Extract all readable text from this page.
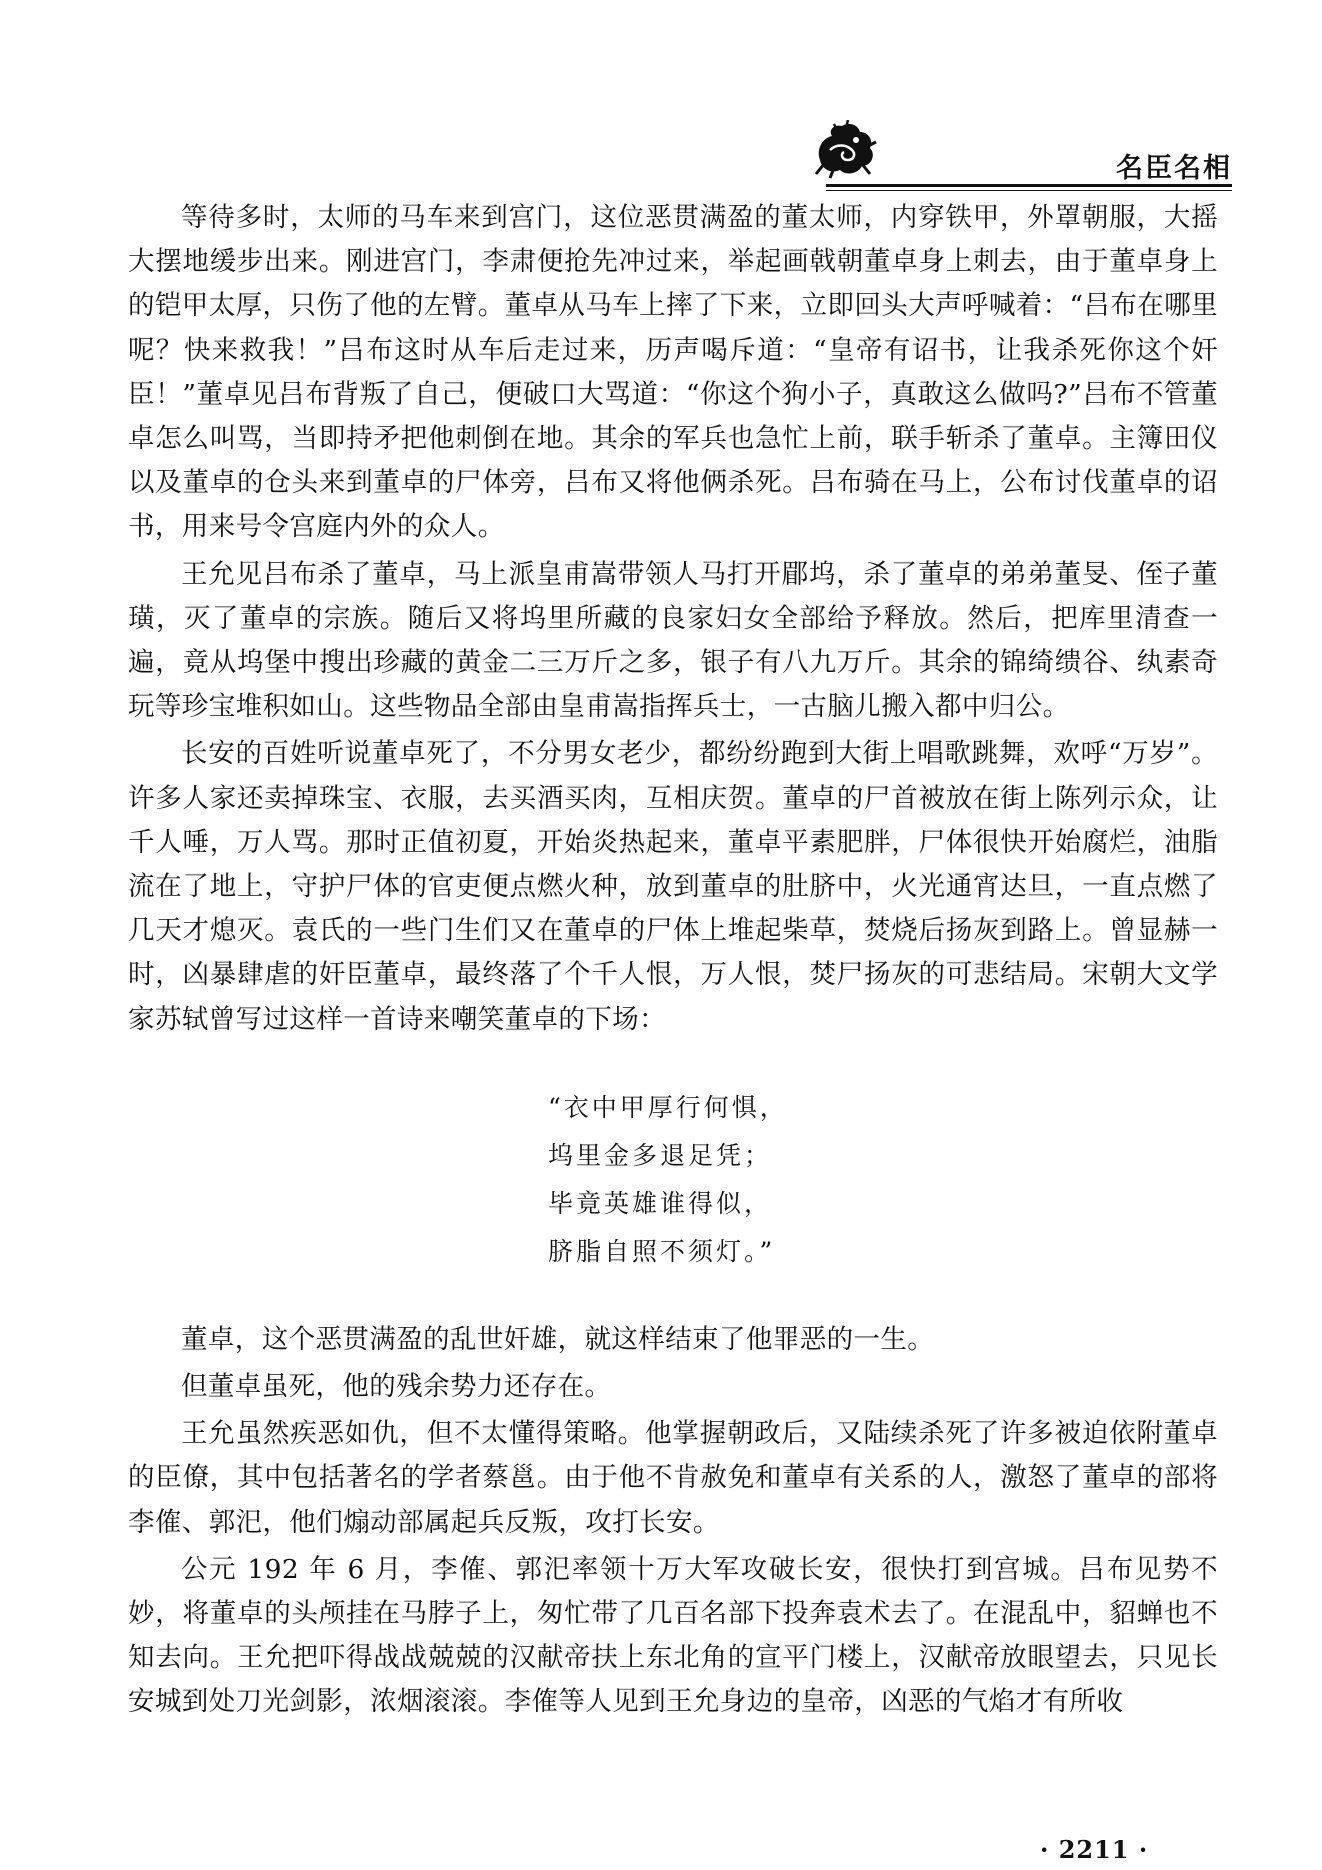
名臣名相

等待多时，太师的马车来到宫门，这位恶贯满盈的董太师，内穿铁甲，外罩朝服，大摇大摆地缓步出来。刚进宫门，李肃便抢先冲过来，举起画戟朝董卓身上刺去，由于董卓身上的铠甲太厚，只伤了他的左臂。董卓从马车上摔了下来，立即回头大声呼喊着：“吕布在哪里呢？快来救我！”吕布这时从车后走过来，历声喝斥道：“皇帝有诏书，让我杀死你这个奸臣！”董卓见吕布背叛了自己，便破口大骂道：“你这个狗小子，真敢这么做吗?”吕布不管董卓怎么叫骂，当即持矛把他刺倒在地。其余的军兵也急忙上前，联手斩杀了董卓。主簿田仪以及董卓的仓头来到董卓的尸体旁，吕布又将他俩杀死。吕布骑在马上，公布讨伐董卓的诏书，用来号令宫庭内外的众人。

王允见吕布杀了董卓，马上派皇甫嵩带领人马打开郿坞，杀了董卓的弟弟董旻、侄子董璜，灭了董卓的宗族。随后又将坞里所藏的良家妇女全部给予释放。然后，把库里清查一遍，竟从坞堡中搜出珍藏的黄金二三万斤之多，银子有八九万斤。其余的锦绮缋谷、纨素奇玩等珍宝堆积如山。这些物品全部由皇甫嵩指挥兵士，一古脑儿搬入都中归公。

长安的百姓听说董卓死了，不分男女老少，都纷纷跑到大街上唱歌跳舞，欢呼“万岁”。许多人家还卖掉珠宝、衣服，去买酒买肉，互相庆贺。董卓的尸首被放在街上陈列示众，让千人唾，万人骂。那时正值初夏，开始炎热起来，董卓平素肥胖，尸体很快开始腐烂，油脂流在了地上，守护尸体的官吏便点燃火种，放到董卓的肚脐中，火光通宵达旦，一直点燃了几天才熄灭。袁氏的一些门生们又在董卓的尸体上堆起柴草，焚烧后扬灰到路上。曾显赫一时，凶暴肆虐的奸臣董卓，最终落了个千人恨，万人恨，焚尸扬灰的可悲结局。宋朝大文学家苏轼曾写过这样一首诗来嘲笑董卓的下场：

“衣中甲厚行何惧，
坞里金多退足凭；
毕竟英雄谁得似，
脐脂自照不须灯。”

董卓，这个恶贯满盈的乱世奸雄，就这样结束了他罪恶的一生。

但董卓虽死，他的残余势力还存在。

王允虽然疾恶如仇，但不太懂得策略。他掌握朝政后，又陆续杀死了许多被迫依附董卓的臣僚，其中包括著名的学者蔡邕。由于他不肯赦免和董卓有关系的人，激怒了董卓的部将李傕、郭汜，他们煽动部属起兵反叛，攻打长安。

公元 192 年 6 月，李傕、郭汜率领十万大军攻破长安，很快打到宫城。吕布见势不妙，将董卓的头颅挂在马脖子上，匆忙带了几百名部下投奔袁术去了。在混乱中，貂蝉也不知去向。王允把吓得战战兢兢的汉献帝扶上东北角的宣平门楼上，汉献帝放眼望去，只见长安城到处刀光剑影，浓烟滚滚。李傕等人见到王允身边的皇帝，凶恶的气焰才有所收

· 2211 ·
